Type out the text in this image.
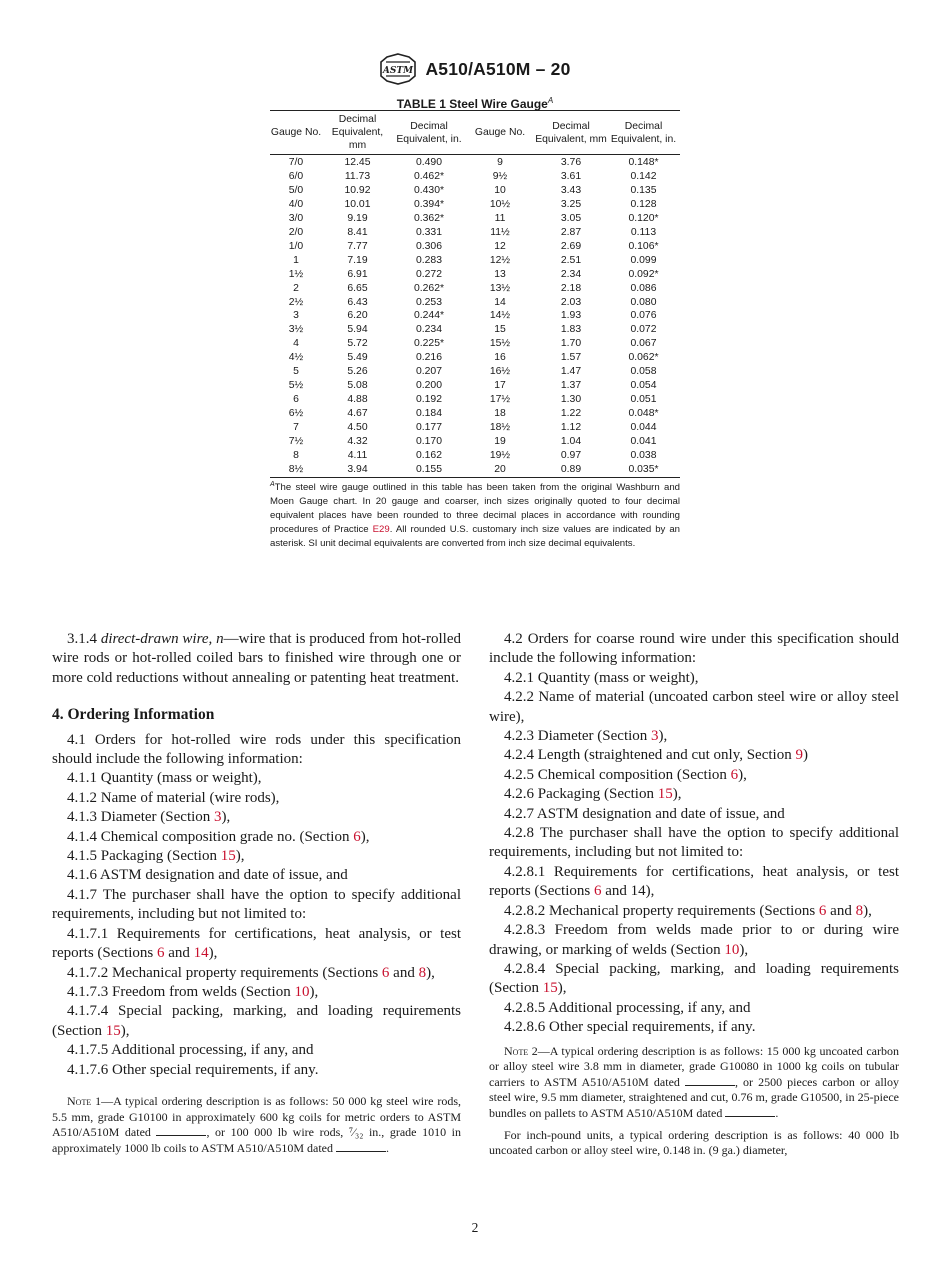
ASTM A510/A510M – 20
TABLE 1 Steel Wire Gauge$^A$
Gauge No.	Decimal Equivalent, mm	Decimal Equivalent, in.	Gauge No.	Decimal Equivalent, mm	Decimal Equivalent, in.
7/0	12.45	0.490	9	3.76	0.148*
6/0	11.73	0.462*	9½	3.61	0.142
5/0	10.92	0.430*	10	3.43	0.135
4/0	10.01	0.394*	10½	3.25	0.128
3/0	9.19	0.362*	11	3.05	0.120*
2/0	8.41	0.331	11½	2.87	0.113
1/0	7.77	0.306	12	2.69	0.106*
1	7.19	0.283	12½	2.51	0.099
1½	6.91	0.272	13	2.34	0.092*
2	6.65	0.262*	13½	2.18	0.086
2½	6.43	0.253	14	2.03	0.080
3	6.20	0.244*	14½	1.93	0.076
3½	5.94	0.234	15	1.83	0.072
4	5.72	0.225*	15½	1.70	0.067
4½	5.49	0.216	16	1.57	0.062*
5	5.26	0.207	16½	1.47	0.058
5½	5.08	0.200	17	1.37	0.054
6	4.88	0.192	17½	1.30	0.051
6½	4.67	0.184	18	1.22	0.048*
7	4.50	0.177	18½	1.12	0.044
7½	4.32	0.170	19	1.04	0.041
8	4.11	0.162	19½	0.97	0.038
8½	3.94	0.155	20	0.89	0.035*
$^A$The steel wire gauge outlined in this table has been taken from the original Washburn and Moen Gauge chart. In 20 gauge and coarser, inch sizes originally quoted to four decimal equivalent places have been rounded to three decimal places in accordance with rounding procedures of Practice E29. All rounded U.S. customary inch size values are indicated by an asterisk. SI unit decimal equivalents are converted from inch size decimal equivalents.

3.1.4 direct-drawn wire, n—wire that is produced from hot-rolled wire rods or hot-rolled coiled bars to finished wire through one or more cold reductions without annealing or patenting heat treatment.

4. Ordering Information

4.1 Orders for hot-rolled wire rods under this specification should include the following information:

4.1.1 Quantity (mass or weight),

4.1.2 Name of material (wire rods),

4.1.3 Diameter (Section 3),

4.1.4 Chemical composition grade no. (Section 6),

4.1.5 Packaging (Section 15),

4.1.6 ASTM designation and date of issue, and

4.1.7 The purchaser shall have the option to specify additional requirements, including but not limited to:

4.1.7.1 Requirements for certifications, heat analysis, or test reports (Sections 6 and 14),

4.1.7.2 Mechanical property requirements (Sections 6 and 8),

4.1.7.3 Freedom from welds (Section 10),

4.1.7.4 Special packing, marking, and loading requirements (Section 15),

4.1.7.5 Additional processing, if any, and

4.1.7.6 Other special requirements, if any.

Note 1—A typical ordering description is as follows: 50 000 kg steel wire rods, 5.5 mm, grade G10100 in approximately 600 kg coils for metric orders to ASTM A510/A510M dated	, or 100 000 lb wire rods, ⁷⁄₃₂ in., grade 1010 in approximately 1000 lb coils to ASTM A510/A510M dated	.

4.2 Orders for coarse round wire under this specification should include the following information:

4.2.1 Quantity (mass or weight),

4.2.2 Name of material (uncoated carbon steel wire or alloy steel wire),

4.2.3 Diameter (Section 3),

4.2.4 Length (straightened and cut only, Section 9)

4.2.5 Chemical composition (Section 6),

4.2.6 Packaging (Section 15),

4.2.7 ASTM designation and date of issue, and

4.2.8 The purchaser shall have the option to specify additional requirements, including but not limited to:

4.2.8.1 Requirements for certifications, heat analysis, or test reports (Sections 6 and 14),

4.2.8.2 Mechanical property requirements (Sections 6 and 8),

4.2.8.3 Freedom from welds made prior to or during wire drawing, or marking of welds (Section 10),

4.2.8.4 Special packing, marking, and loading requirements (Section 15),

4.2.8.5 Additional processing, if any, and

4.2.8.6 Other special requirements, if any.

Note 2—A typical ordering description is as follows: 15 000 kg uncoated carbon or alloy steel wire 3.8 mm in diameter, grade G10080 in 1000 kg coils on tubular carriers to ASTM A510/A510M dated	, or 2500 pieces carbon or alloy steel wire, 9.5 mm diameter, straightened and cut, 0.76 m, grade G10500, in 25-piece bundles on pallets to ASTM A510/A510M dated	.

For inch-pound units, a typical ordering description is as follows: 40 000 lb uncoated carbon or alloy steel wire, 0.148 in. (9 ga.) diameter,

2
